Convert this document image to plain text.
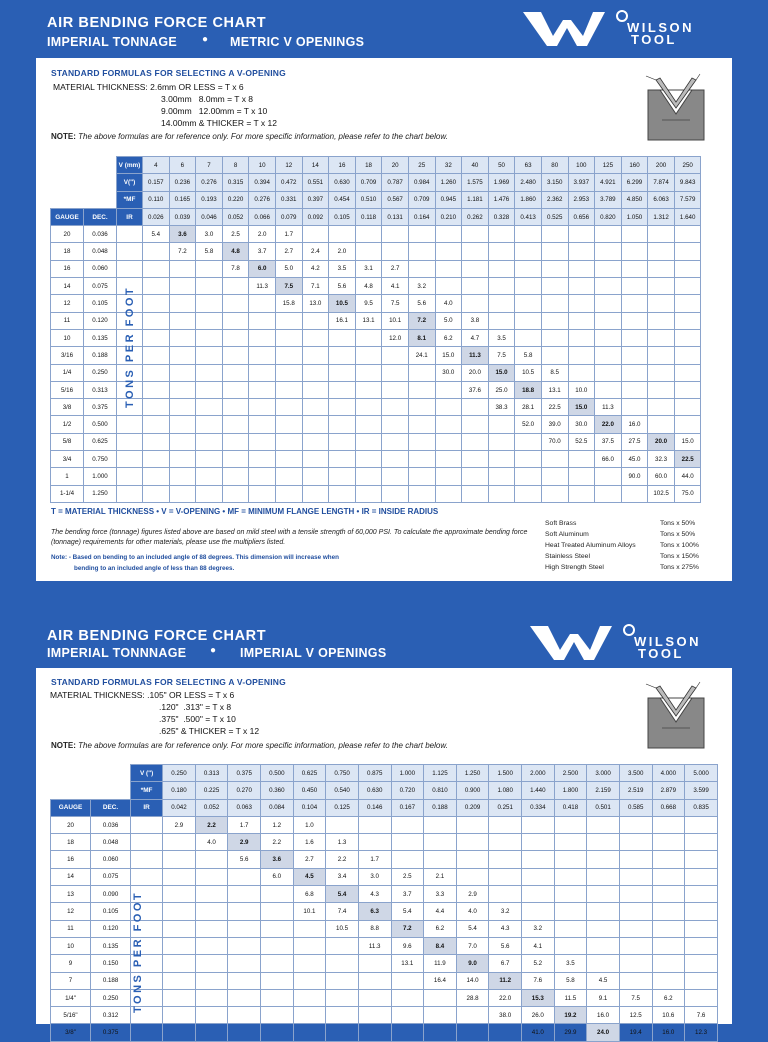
AIR BENDING FORCE CHART
IMPERIAL TONNAGE ● METRIC V OPENINGS
WILSON
TOOL
STANDARD FORMULAS FOR SELECTING A V-OPENING
MATERIAL THICKNESS: 2.6mm OR LESS = T x 6
3.00mm   8.0mm = T x 8
9.00mm   12.00mm = T x 10
14.00mm & THICKER = T x 12
NOTE: The above formulas are for reference only. For more specific information, please refer to the chart below.
		V (mm)	4	6	7	8	10	12	14	16	18	20	25	32	40	50	63	80	100	125	160	200	250
		V(")	0.157	0.236	0.276	0.315	0.394	0.472	0.551	0.630	0.709	0.787	0.984	1.260	1.575	1.969	2.480	3.150	3.937	4.921	6.299	7.874	9.843
		*MF	0.110	0.165	0.193	0.220	0.276	0.331	0.397	0.454	0.510	0.567	0.709	0.945	1.181	1.476	1.860	2.362	2.953	3.789	4.850	6.063	7.579
GAUGE	DEC.	IR	0.026	0.039	0.046	0.052	0.066	0.079	0.092	0.105	0.118	0.131	0.164	0.210	0.262	0.328	0.413	0.525	0.656	0.820	1.050	1.312	1.640
20	0.036		5.4	3.6	3.0	2.5	2.0	1.7															
18	0.048			7.2	5.8	4.8	3.7	2.7	2.4	2.0													
16	0.060					7.8	6.0	5.0	4.2	3.5	3.1	2.7											
14	0.075						11.3	7.5	7.1	5.6	4.8	4.1	3.2										
12	0.105							15.8	13.0	10.5	9.5	7.5	5.6	4.0									
11	0.120									16.1	13.1	10.1	7.2	5.0	3.8								
10	0.135											12.0	8.1	6.2	4.7	3.5							
3/16	0.188												24.1	15.0	11.3	7.5	5.8						
1/4	0.250													30.0	20.0	15.0	10.5	8.5					
5/16	0.313														37.6	25.0	18.8	13.1	10.0				
3/8	0.375															38.3	28.1	22.5	15.0	11.3			
1/2	0.500																52.0	39.0	30.0	22.0	16.0		
5/8	0.625																	70.0	52.5	37.5	27.5	20.0	15.0
3/4	0.750																			66.0	45.0	32.3	22.5
1	1.000																				90.0	60.0	44.0
1-1/4	1.250																					102.5	75.0
TONS PER FOOT
T = MATERIAL THICKNESS • V = V-OPENING • MF = MINIMUM FLANGE LENGTH • IR = INSIDE RADIUS
The bending force (tonnage) figures listed above are based on mild steel with a tensile strength of 60,000 PSI. To calculate the approximate bending force (tonnage) requirements for other materials, please use the multipliers listed.
Note: - Based on bending to an included angle of 88 degrees. This dimension will increase when
bending to an included angle of less than 88 degrees.
Soft Brass
Soft Aluminum
Heat Treated Aluminum Alloys
Stainless Steel
High Strength Steel
Tons x 50%
Tons x 50%
Tons x 100%
Tons x 150%
Tons x 275%
AIR BENDING FORCE CHART
IMPERIAL TONNNAGE ● IMPERIAL V OPENINGS
WILSON
TOOL
STANDARD FORMULAS FOR SELECTING A V-OPENING
MATERIAL THICKNESS: .105" OR LESS = T x 6
.120"  .313" = T x 8
.375"  .500" = T x 10
.625" & THICKER = T x 12
NOTE: The above formulas are for reference only. For more specific information, please refer to the chart below.
		V (")	0.250	0.313	0.375	0.500	0.625	0.750	0.875	1.000	1.125	1.250	1.500	2.000	2.500	3.000	3.500	4.000	5.000
		*MF	0.180	0.225	0.270	0.360	0.450	0.540	0.630	0.720	0.810	0.900	1.080	1.440	1.800	2.159	2.519	2.879	3.599
GAUGE	DEC.	IR	0.042	0.052	0.063	0.084	0.104	0.125	0.146	0.167	0.188	0.209	0.251	0.334	0.418	0.501	0.585	0.668	0.835
20	0.036		2.9	2.2	1.7	1.2	1.0												
18	0.048			4.0	2.9	2.2	1.6	1.3											
16	0.060				5.6	3.6	2.7	2.2	1.7										
14	0.075					6.0	4.5	3.4	3.0	2.5	2.1								
13	0.090						6.8	5.4	4.3	3.7	3.3	2.9							
12	0.105						10.1	7.4	6.3	5.4	4.4	4.0	3.2						
11	0.120							10.5	8.8	7.2	6.2	5.4	4.3	3.2					
10	0.135								11.3	9.6	8.4	7.0	5.6	4.1					
9	0.150									13.1	11.9	9.0	6.7	5.2	3.5				
7	0.188										16.4	14.0	11.2	7.6	5.8	4.5			
1/4"	0.250											28.8	22.0	15.3	11.5	9.1	7.5	6.2	
5/16"	0.312												38.0	26.0	19.2	16.0	12.5	10.6	7.6
3/8"	0.375													41.0	29.9	24.0	19.4	16.0	12.3
TONS PER FOOT
